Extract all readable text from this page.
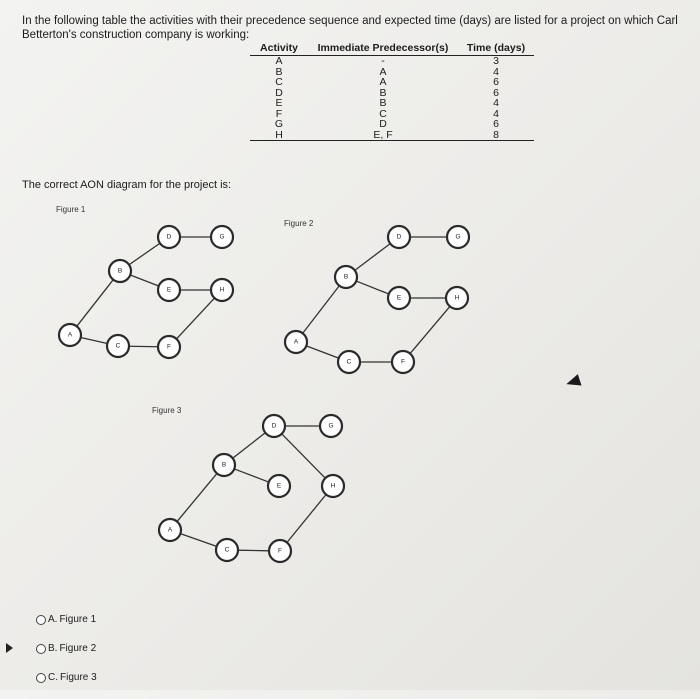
In the following table the activities with their precedence sequence and expected time (days) are listed for a project on which Carl Betterton's construction company is working:
Activity	Immediate Predecessor(s)	Time (days)
A	-	3
B	A	4
C	A	6
D	B	6
E	B	4
F	C	4
G	D	6
H	E, F	8
The correct AON diagram for the project is:
Figure 1
Figure 2
Figure 3
A
B
C
D
E
F
G
H
A
B
C
D
E
F
G
H
A
B
C
D
E
F
G
H
A. Figure 1
B. Figure 2
C. Figure 3
